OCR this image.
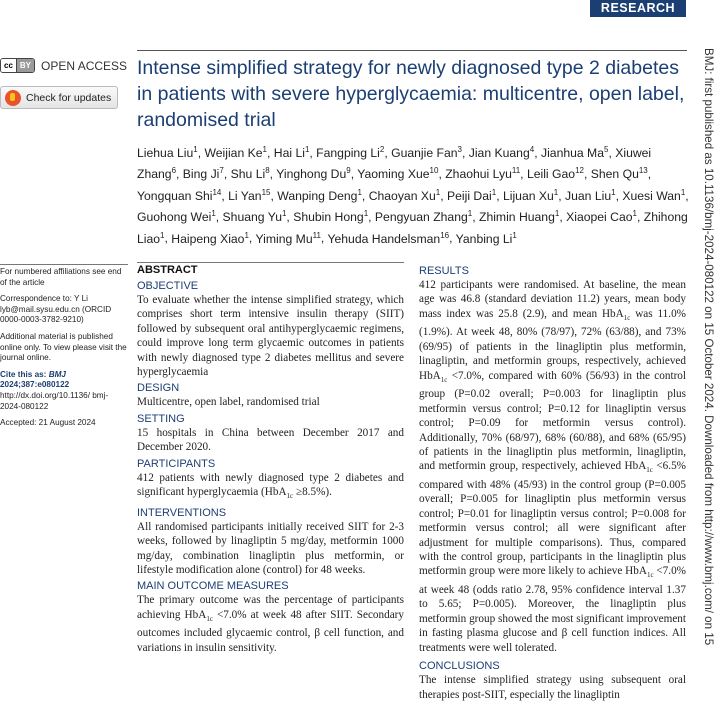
RESEARCH
cc BY OPEN ACCESS
Check for updates
Intense simplified strategy for newly diagnosed type 2 diabetes in patients with severe hyperglycaemia: multicentre, open label, randomised trial
Liehua Liu$^1$, Weijian Ke$^1$, Hai Li$^1$, Fangping Li$^2$, Guanjie Fan$^3$, Jian Kuang$^4$, Jianhua Ma$^5$, Xiuwei Zhang$^6$, Bing Ji$^7$, Shu Li$^8$, Yinghong Du$^9$, Yaoming Xue$^{10}$, Zhaohui Lyu$^{11}$, Leili Gao$^{12}$, Shen Qu$^{13}$, Yongquan Shi$^{14}$, Li Yan$^{15}$, Wanping Deng$^1$, Chaoyan Xu$^1$, Peiji Dai$^1$, Lijuan Xu$^1$, Juan Liu$^1$, Xuesi Wan$^1$, Guohong Wei$^1$, Shuang Yu$^1$, Shubin Hong$^1$, Pengyuan Zhang$^1$, Zhimin Huang$^1$, Xiaopei Cao$^1$, Zhihong Liao$^1$, Haipeng Xiao$^1$, Yiming Mu$^{11}$, Yehuda Handelsman$^{16}$, Yanbing Li$^1$

For numbered affiliations see end of the article

Correspondence to: Y Li lyb@mail.sysu.edu.cn (ORCID 0000-0003-3782-9210)

Additional material is published online only. To view please visit the journal online.

Cite this as: BMJ 2024;387:e080122
http://dx.doi.org/10.1136/ bmj-2024-080122

Accepted: 21 August 2024

ABSTRACT
OBJECTIVE

To evaluate whether the intense simplified strategy, which comprises short term intensive insulin therapy (SIIT) followed by subsequent oral antihyperglycaemic regimens, could improve long term glycaemic outcomes in patients with newly diagnosed type 2 diabetes mellitus and severe hyperglycaemia

DESIGN

Multicentre, open label, randomised trial

SETTING

15 hospitals in China between December 2017 and December 2020.

PARTICIPANTS

412 patients with newly diagnosed type 2 diabetes and significant hyperglycaemia (HbA$_{1c}$ ≥8.5%).

INTERVENTIONS

All randomised participants initially received SIIT for 2-3 weeks, followed by linagliptin 5 mg/day, metformin 1000 mg/day, combination linagliptin plus metformin, or lifestyle modification alone (control) for 48 weeks.

MAIN OUTCOME MEASURES

The primary outcome was the percentage of participants achieving HbA$_{1c}$ <7.0% at week 48 after SIIT. Secondary outcomes included glycaemic control, β cell function, and variations in insulin sensitivity.

RESULTS

412 participants were randomised. At baseline, the mean age was 46.8 (standard deviation 11.2) years, mean body mass index was 25.8 (2.9), and mean HbA$_{1c}$ was 11.0% (1.9%). At week 48, 80% (78/97), 72% (63/88), and 73% (69/95) of patients in the linagliptin plus metformin, linagliptin, and metformin groups, respectively, achieved HbA$_{1c}$ <7.0%, compared with 60% (56/93) in the control group (P=0.02 overall; P=0.003 for linagliptin plus metformin versus control; P=0.12 for linagliptin versus control; P=0.09 for metformin versus control). Additionally, 70% (68/97), 68% (60/88), and 68% (65/95) of patients in the linagliptin plus metformin, linagliptin, and metformin group, respectively, achieved HbA$_{1c}$ <6.5% compared with 48% (45/93) in the control group (P=0.005 overall; P=0.005 for linagliptin plus metformin versus control; P=0.01 for linagliptin versus control; P=0.008 for metformin versus control; all were significant after adjustment for multiple comparisons). Thus, compared with the control group, participants in the linagliptin plus metformin group were more likely to achieve HbA$_{1c}$ <7.0% at week 48 (odds ratio 2.78, 95% confidence interval 1.37 to 5.65; P=0.005). Moreover, the linagliptin plus metformin group showed the most significant improvement in fasting plasma glucose and β cell function indices. All treatments were well tolerated.

CONCLUSIONS

The intense simplified strategy using subsequent oral therapies post-SIIT, especially the linagliptin

BMJ: first published as 10.1136/bmj-2024-080122 on 15 October 2024. Downloaded from http://www.bmj.com/ on 15
